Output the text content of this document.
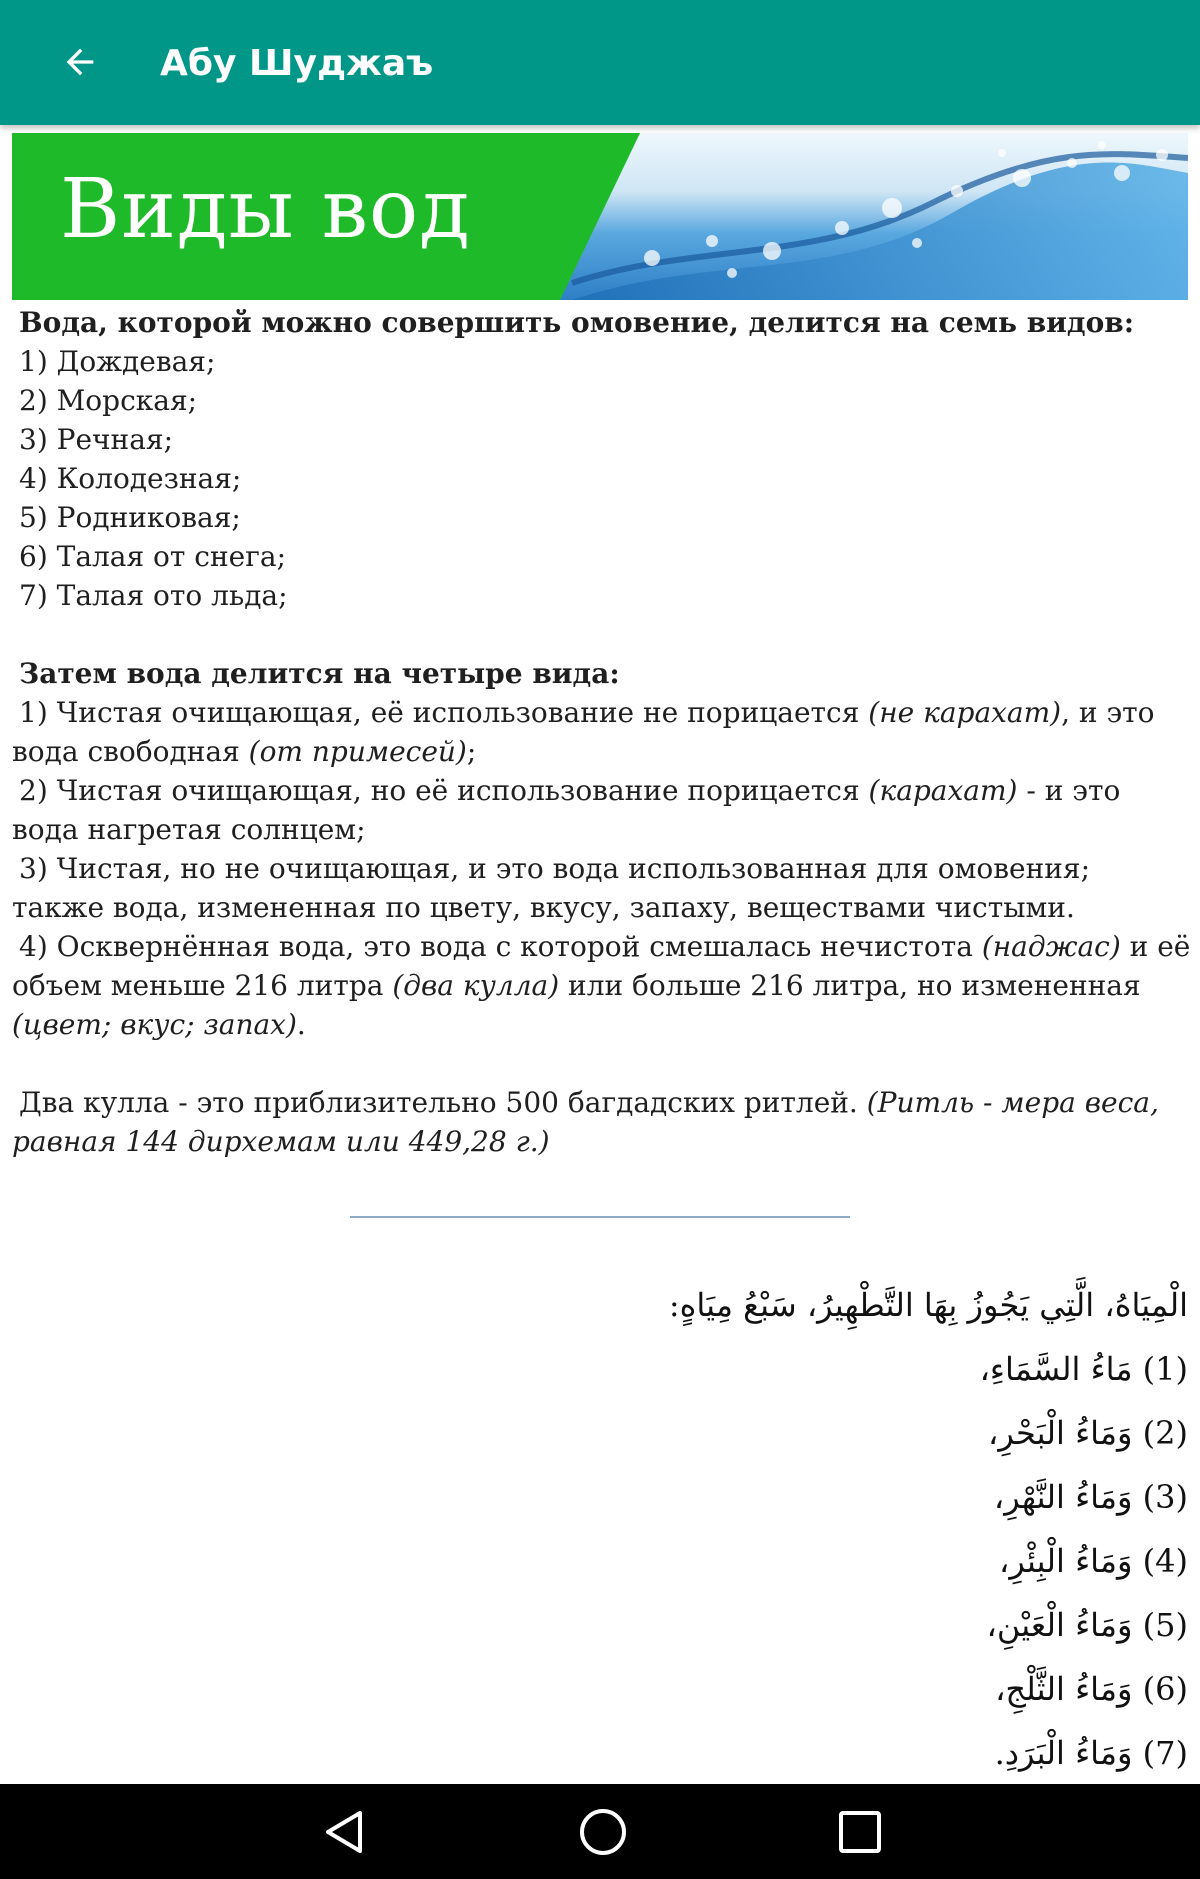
Абу Шуджаъ
Виды вод
Вода, которой можно совершить омовение, делится на семь видов:
1) Дождевая;
2) Морская;
3) Речная;
4) Колодезная;
5) Родниковая;
6) Талая от снега;
7) Талая ото льда;
Затем вода делится на четыре вида:
1) Чистая очищающая, её использование не порицается (не карахат), и это
вода свободная (от примесей);
2) Чистая очищающая, но её использование порицается (карахат) - и это
вода нагретая солнцем;
3) Чистая, но не очищающая, и это вода использованная для омовения;
также вода, измененная по цвету, вкусу, запаху, веществами чистыми.
4) Осквернённая вода, это вода с которой смешалась нечистота (наджас) и её
объем меньше 216 литра (два кулла) или больше 216 литра, но измененная
(цвет; вкус; запах).
Два кулла - это приблизительно 500 багдадских ритлей. (Ритль - мера веса,
равная 144 дирхемам или 449,28 г.)
الْمِيَاهُ، الَّتِي يَجُوزُ بِهَا التَّطْهِيرُ، سَبْعُ مِيَاهٍ:
(1) مَاءُ السَّمَاءِ،
(2) وَمَاءُ الْبَحْرِ،
(3) وَمَاءُ النَّهْرِ،
(4) وَمَاءُ الْبِئْرِ،
(5) وَمَاءُ الْعَيْنِ،
(6) وَمَاءُ الثَّلْجِ،
(7) وَمَاءُ الْبَرَدِ.
